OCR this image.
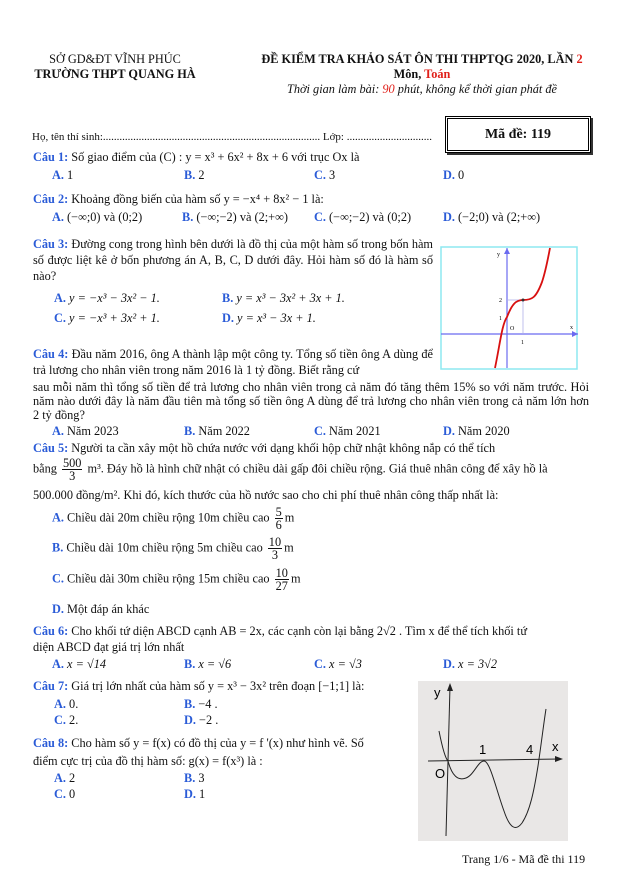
SỞ GD&ĐT VĨNH PHÚC
TRƯỜNG THPT QUANG HÀ
ĐỀ KIỂM TRA KHẢO SÁT ÔN THI THPTQG 2020, LẦN 2
Môn, Toán
Thời gian làm bài: 90 phút, không kể thời gian phát đề
Mã đề: 119
Họ, tên thí sinh:............................................................................... Lớp: ...............................
Câu 1: Số giao điểm của (C) : y = x³ + 6x² + 8x + 6 với trục Ox là
A. 1	B. 2	C. 3	D. 0
Câu 2: Khoảng đồng biến của hàm số y = −x⁴ + 8x² − 1 là:
A. (−∞;0) và (0;2)	B. (−∞;−2) và (2;+∞) C. (−∞;−2) và (0;2)	D. (−2;0) và (2;+∞)
Câu 3: Đường cong trong hình bên dưới là đồ thị của một hàm số trong bốn hàm số được liệt kê ở bốn phương án A, B, C, D dưới đây. Hỏi hàm số đó là hàm số nào?
A. y = −x³ − 3x² − 1.	B. y = x³ − 3x² + 3x + 1.
C. y = −x³ + 3x² + 1.	D. y = x³ − 3x + 1.
2
1
1
O	x
y
Câu 4: Đầu năm 2016, ông A thành lập một công ty. Tổng số tiền ông A dùng để trả lương cho nhân viên trong năm 2016 là 1 tỷ đồng. Biết rằng cứ
sau mỗi năm thì tổng số tiền để trả lương cho nhân viên trong cả năm đó tăng thêm 15% so với năm trước. Hỏi năm nào dưới đây là năm đầu tiên mà tổng số tiền ông A dùng để trả lương cho nhân viên trong cả năm lớn hơn 2 tỷ đồng?
A. Năm 2023	B. Năm 2022	C. Năm 2021	D. Năm 2020
Câu 5: Người ta cần xây một hồ chứa nước với dạng khối hộp chữ nhật không nắp có thể tích
bằng $\frac{500}{3} m^3$. Đáy hồ là hình chữ nhật có chiều dài gấp đôi chiều rộng. Giá thuê nhân công để xây hồ là
500.000 đồng/m². Khi đó, kích thước của hồ nước sao cho chi phí thuê nhân công thấp nhất là:
A. Chiều dài 20m chiều rộng 10m chiều cao $\frac{5}{6}$ m
B. Chiều dài 10m chiều rộng 5m chiều cao $\frac{10}{3}$ m
C. Chiều dài 30m chiều rộng 15m chiều cao $\frac{10}{27}$ m
D. Một đáp án khác
Câu 6: Cho khối tứ diện ABCD cạnh AB = 2x, các cạnh còn lại bằng 2√2 . Tìm x để thể tích khối tứ
diện ABCD đạt giá trị lớn nhất
A. x = √14	B. x = √6	C. x = √3	D. x = 3√2
Câu 7: Giá trị lớn nhất của hàm số y = x³ − 3x² trên đoạn [−1;1] là:
A. 0.	B. −4 .
C. 2.	D. −2 .
Câu 8: Cho hàm số y = f(x) có đồ thị của y = f '(x) như hình vẽ. Số
điểm cực trị của đồ thị hàm số: g(x) = f(x³) là :
A. 2	B. 3
C. 0	D. 1
y
x
O
1	4
Trang 1/6 - Mã đề thi 119
